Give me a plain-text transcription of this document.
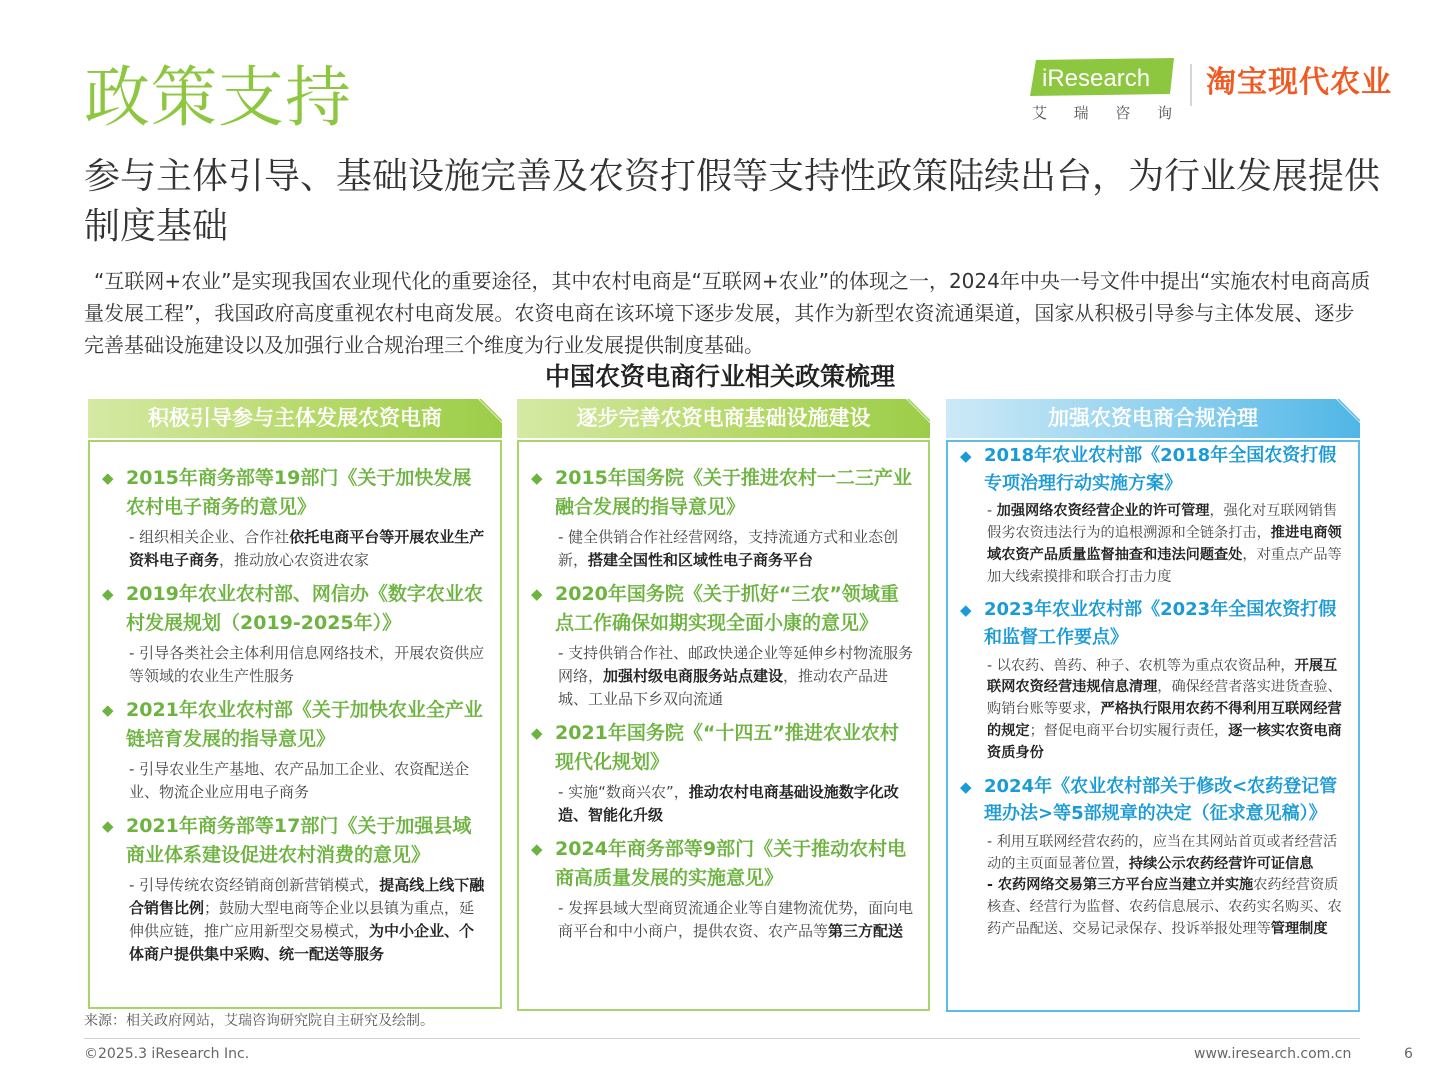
政策支持	iResearch
艾 瑞 咨 询
淘宝现代农业
参与主体引导、基础设施完善及农资打假等支持性政策陆续出台，为行业发展提供制度基础
“互联网+农业”是实现我国农业现代化的重要途径，其中农村电商是“互联网+农业”的体现之一，2024年中央一号文件中提出“实施农村电商高质量发展工程”，我国政府高度重视农村电商发展。农资电商在该环境下逐步发展，其作为新型农资流通渠道，国家从积极引导参与主体发展、逐步完善基础设施建设以及加强行业合规治理三个维度为行业发展提供制度基础。
中国农资电商行业相关政策梳理
积极引导参与主体发展农资电商	逐步完善农资电商基础设施建设	加强农资电商合规治理
◆ 2015年商务部等19部门《关于加快发展农村电子商务的意见》
- 组织相关企业、合作社依托电商平台等开展农业生产资料电子商务，推动放心农资进农家
◆ 2019年农业农村部、网信办《数字农业农村发展规划（2019-2025年）》
- 引导各类社会主体利用信息网络技术，开展农资供应等领域的农业生产性服务
◆ 2021年农业农村部《关于加快农业全产业链培育发展的指导意见》
- 引导农业生产基地、农产品加工企业、农资配送企业、物流企业应用电子商务
◆ 2021年商务部等17部门《关于加强县域商业体系建设促进农村消费的意见》
- 引导传统农资经销商创新营销模式，提高线上线下融合销售比例；鼓励大型电商等企业以县镇为重点，延伸供应链，推广应用新型交易模式，为中小企业、个体商户提供集中采购、统一配送等服务
◆ 2015年国务院《关于推进农村一二三产业融合发展的指导意见》
- 健全供销合作社经营网络，支持流通方式和业态创新，搭建全国性和区域性电子商务平台
◆ 2020年国务院《关于抓好“三农”领域重点工作确保如期实现全面小康的意见》
- 支持供销合作社、邮政快递企业等延伸乡村物流服务网络，加强村级电商服务站点建设，推动农产品进城、工业品下乡双向流通
◆ 2021年国务院《“十四五”推进农业农村现代化规划》
- 实施“数商兴农”，推动农村电商基础设施数字化改造、智能化升级
◆ 2024年商务部等9部门《关于推动农村电商高质量发展的实施意见》
- 发挥县域大型商贸流通企业等自建物流优势，面向电商平台和中小商户，提供农资、农产品等第三方配送
◆ 2018年农业农村部《2018年全国农资打假专项治理行动实施方案》
- 加强网络农资经营企业的许可管理，强化对互联网销售假劣农资违法行为的追根溯源和全链条打击，推进电商领域农资产品质量监督抽查和违法问题查处，对重点产品等加大线索摸排和联合打击力度
◆ 2023年农业农村部《2023年全国农资打假和监督工作要点》
- 以农药、兽药、种子、农机等为重点农资品种，开展互联网农资经营违规信息清理，确保经营者落实进货查验、购销台账等要求，严格执行限用农药不得利用互联网经营的规定；督促电商平台切实履行责任，逐一核实农资电商资质身份
◆ 2024年《农业农村部关于修改<农药登记管理办法>等5部规章的决定（征求意见稿）》
- 利用互联网经营农药的，应当在其网站首页或者经营活动的主页面显著位置，持续公示农药经营许可证信息
- 农药网络交易第三方平台应当建立并实施农药经营资质核查、经营行为监督、农药信息展示、农药实名购买、农药产品配送、交易记录保存、投诉举报处理等管理制度
来源：相关政府网站，艾瑞咨询研究院自主研究及绘制。
©2025.3 iResearch Inc.	www.iresearch.com.cn	6
